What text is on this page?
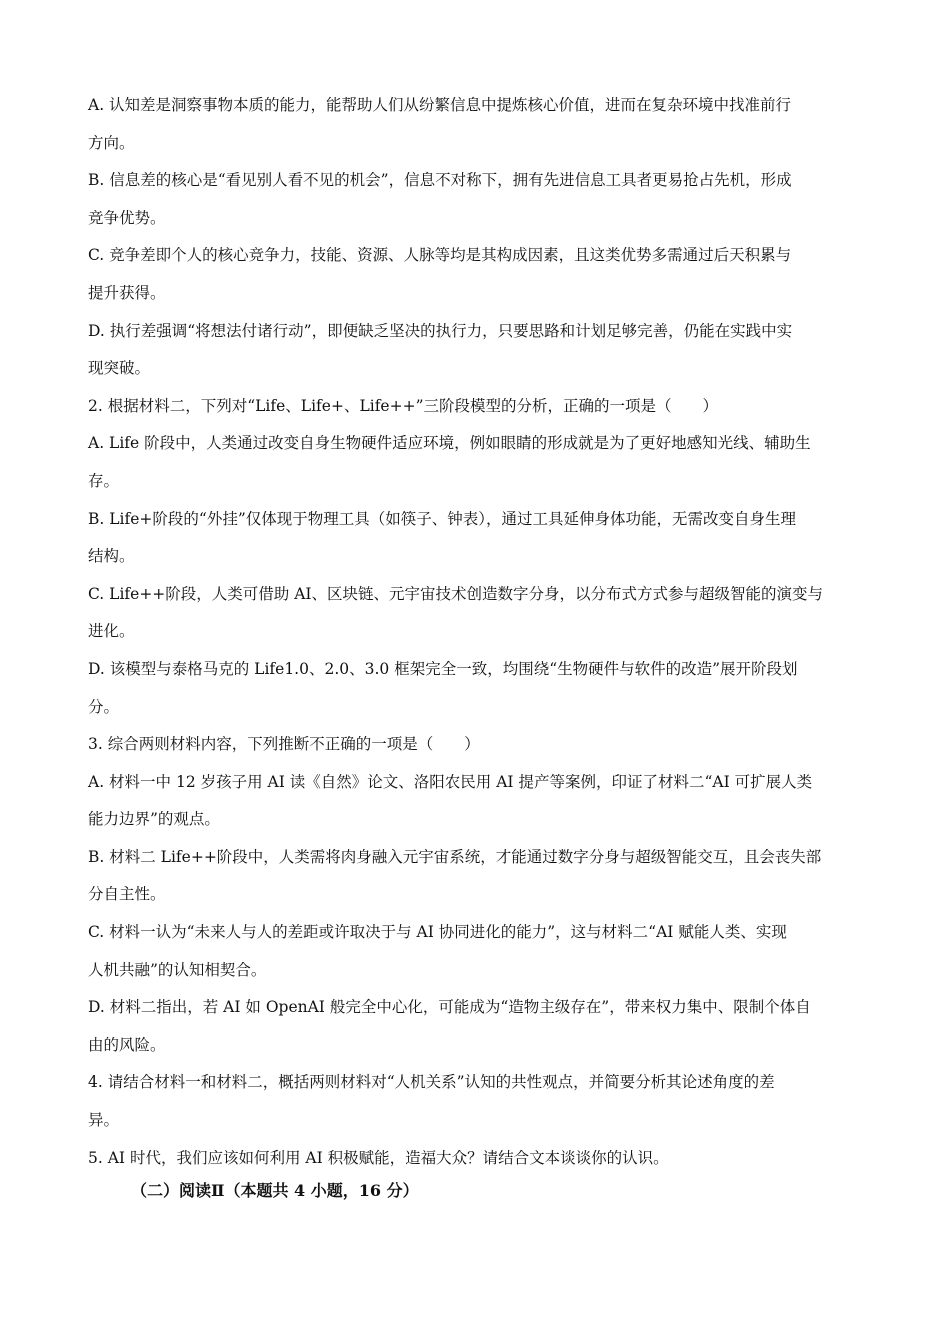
A. 认知差是洞察事物本质的能力，能帮助人们从纷繁信息中提炼核心价值，进而在复杂环境中找准前行
方向。
B. 信息差的核心是“看见别人看不见的机会”，信息不对称下，拥有先进信息工具者更易抢占先机，形成
竞争优势。
C. 竞争差即个人的核心竞争力，技能、资源、人脉等均是其构成因素，且这类优势多需通过后天积累与
提升获得。
D. 执行差强调“将想法付诸行动”，即便缺乏坚决的执行力，只要思路和计划足够完善，仍能在实践中实
现突破。
2. 根据材料二，下列对“Life、Life+、Life++”三阶段模型的分析，正确的一项是（　　）
A. Life 阶段中，人类通过改变自身生物硬件适应环境，例如眼睛的形成就是为了更好地感知光线、辅助生
存。
B. Life+阶段的“外挂”仅体现于物理工具（如筷子、钟表），通过工具延伸身体功能，无需改变自身生理
结构。
C. Life++阶段，人类可借助 AI、区块链、元宇宙技术创造数字分身，以分布式方式参与超级智能的演变与
进化。
D. 该模型与泰格马克的 Life1.0、2.0、3.0 框架完全一致，均围绕“生物硬件与软件的改造”展开阶段划
分。
3. 综合两则材料内容，下列推断不正确的一项是（　　）
A. 材料一中 12 岁孩子用 AI 读《自然》论文、洛阳农民用 AI 提产等案例，印证了材料二“AI 可扩展人类
能力边界”的观点。
B. 材料二 Life++阶段中，人类需将肉身融入元宇宙系统，才能通过数字分身与超级智能交互，且会丧失部
分自主性。
C. 材料一认为“未来人与人的差距或许取决于与 AI 协同进化的能力”，这与材料二“AI 赋能人类、实现
人机共融”的认知相契合。
D. 材料二指出，若 AI 如 OpenAI 般完全中心化，可能成为“造物主级存在”，带来权力集中、限制个体自
由的风险。
4. 请结合材料一和材料二，概括两则材料对“人机关系”认知的共性观点，并简要分析其论述角度的差
异。
5. AI 时代，我们应该如何利用 AI 积极赋能，造福大众？请结合文本谈谈你的认识。
（二）阅读Ⅱ（本题共 4 小题，16 分）
